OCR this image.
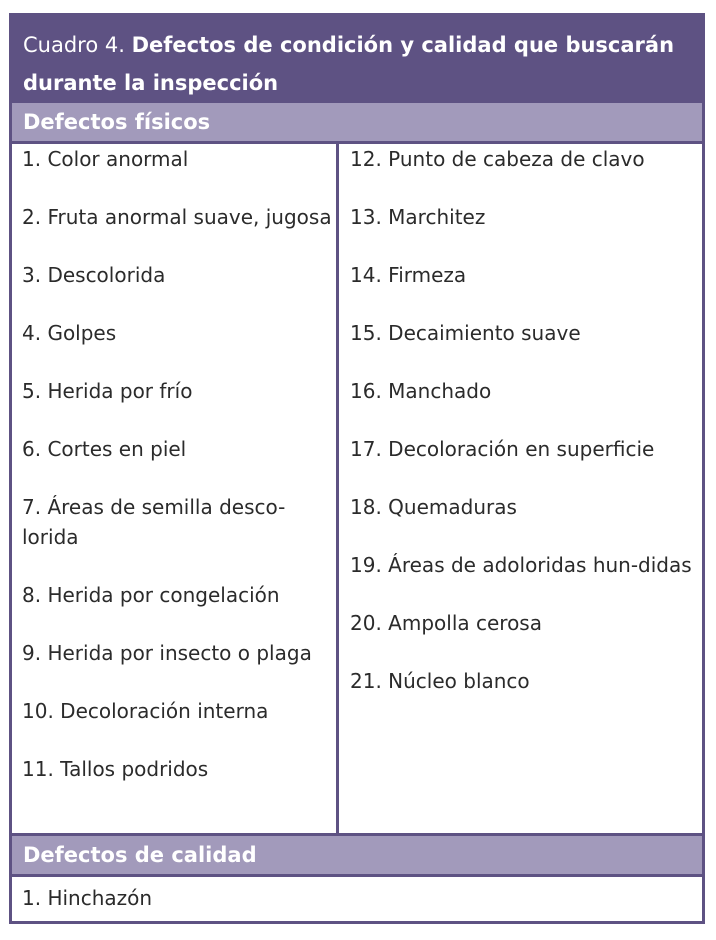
Cuadro 4. Defectos de condición y calidad que buscarán
durante la inspección
Defectos físicos
1. Color anormal
2. Fruta anormal suave, jugosa
3. Descolorida
4. Golpes
5. Herida por frío
6. Cortes en piel
7. Áreas de semilla desco-lorida
8. Herida por congelación
9. Herida por insecto o plaga
10. Decoloración interna
11. Tallos podridos
12. Punto de cabeza de clavo
13. Marchitez
14. Firmeza
15. Decaimiento suave
16. Manchado
17. Decoloración en superficie
18. Quemaduras
19. Áreas de adoloridas hun-didas
20. Ampolla cerosa
21. Núcleo blanco
Defectos de calidad
1. Hinchazón
